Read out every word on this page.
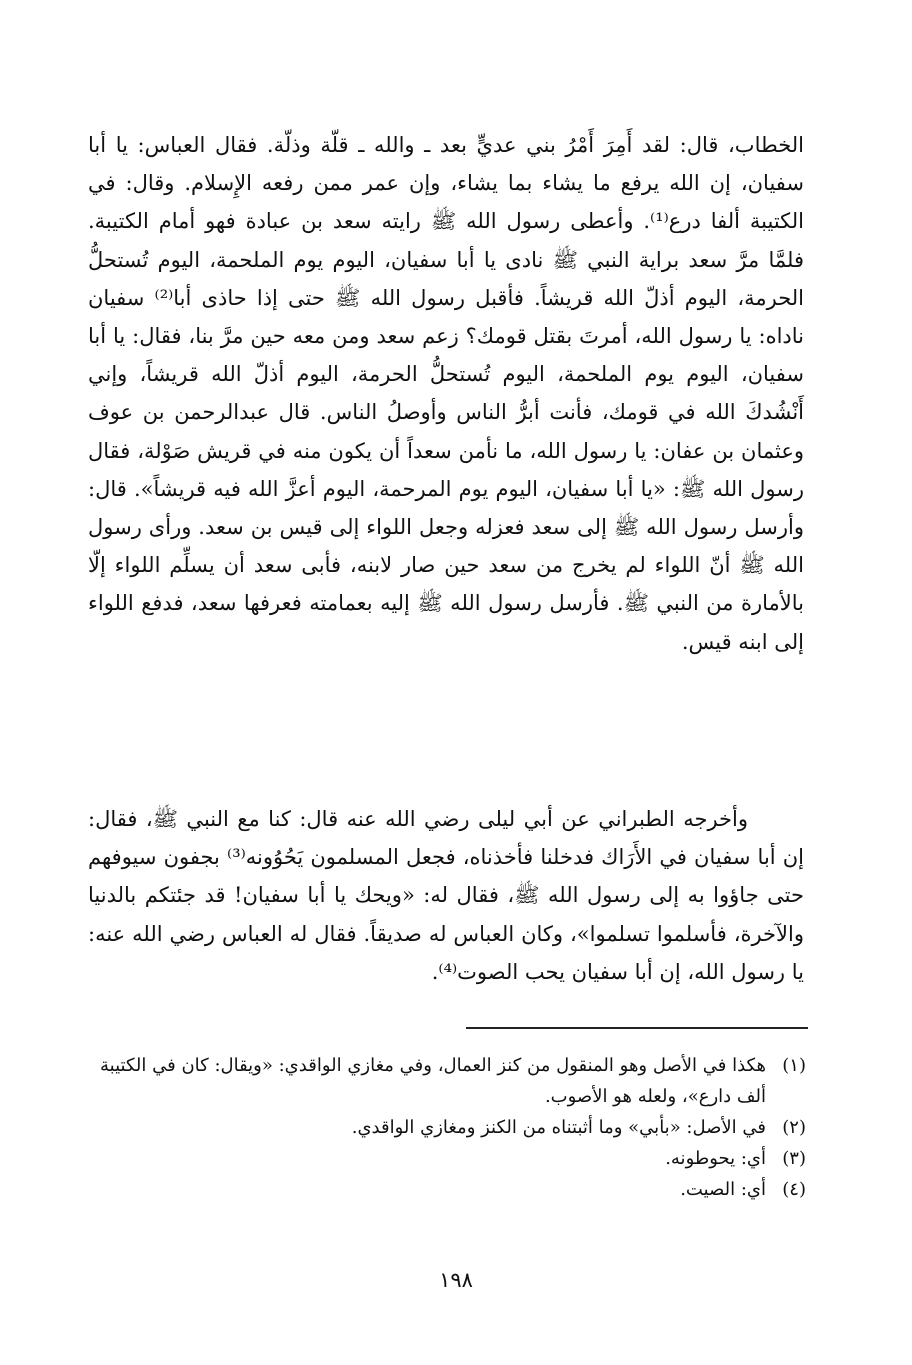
الخطاب، قال: لقد أَمِرَ أَمْرُ بني عديٍّ بعد ـ والله ـ قلّة وذلّة. فقال العباس: يا أبا سفيان، إن الله يرفع ما يشاء بما يشاء، وإن عمر ممن رفعه الإِسلام. وقال: في الكتيبة ألفا درع⁽¹⁾. وأعطى رسول الله ﷺ رايته سعد بن عبادة فهو أمام الكتيبة. فلمَّا مرَّ سعد براية النبي ﷺ نادى يا أبا سفيان، اليوم يوم الملحمة، اليوم تُستحلُّ الحرمة، اليوم أذلّ الله قريشاً. فأقبل رسول الله ﷺ حتى إذا حاذى أبا⁽²⁾ سفيان ناداه: يا رسول الله، أمرتَ بقتل قومك؟ زعم سعد ومن معه حين مرَّ بنا، فقال: يا أبا سفيان، اليوم يوم الملحمة، اليوم تُستحلُّ الحرمة، اليوم أذلّ الله قريشاً، وإني أَنْشُدكَ الله في قومك، فأنت أبرُّ الناس وأوصلُ الناس. قال عبدالرحمن بن عوف وعثمان بن عفان: يا رسول الله، ما نأمن سعداً أن يكون منه في قريش صَوْلة، فقال رسول الله ﷺ: «يا أبا سفيان، اليوم يوم المرحمة، اليوم أعزَّ الله فيه قريشاً». قال: وأرسل رسول الله ﷺ إلى سعد فعزله وجعل اللواء إلى قيس بن سعد. ورأى رسول الله ﷺ أنّ اللواء لم يخرج من سعد حين صار لابنه، فأبى سعد أن يسلِّم اللواء إلّا بالأمارة من النبي ﷺ. فأرسل رسول الله ﷺ إليه بعمامته فعرفها سعد، فدفع اللواء إلى ابنه قيس.

وأخرجه الطبراني عن أبي ليلى رضي الله عنه قال: كنا مع النبي ﷺ، فقال: إن أبا سفيان في الأَرَاك فدخلنا فأخذناه، فجعل المسلمون يَحُوُونه⁽³⁾ بجفون سيوفهم حتى جاؤوا به إلى رسول الله ﷺ، فقال له: «ويحك يا أبا سفيان! قد جئتكم بالدنيا والآخرة، فأسلموا تسلموا»، وكان العباس له صديقاً. فقال له العباس رضي الله عنه: يا رسول الله، إن أبا سفيان يحب الصوت⁽⁴⁾.

(١)
هكذا في الأصل وهو المنقول من كنز العمال، وفي مغازي الواقدي: «ويقال: كان في الكتيبة ألف دارع»، ولعله هو الأصوب.
(٢)
في الأصل: «بأبي» وما أثبتناه من الكنز ومغازي الواقدي.
(٣)
أي: يحوطونه.
(٤)
أي: الصيت.
١٩٨
